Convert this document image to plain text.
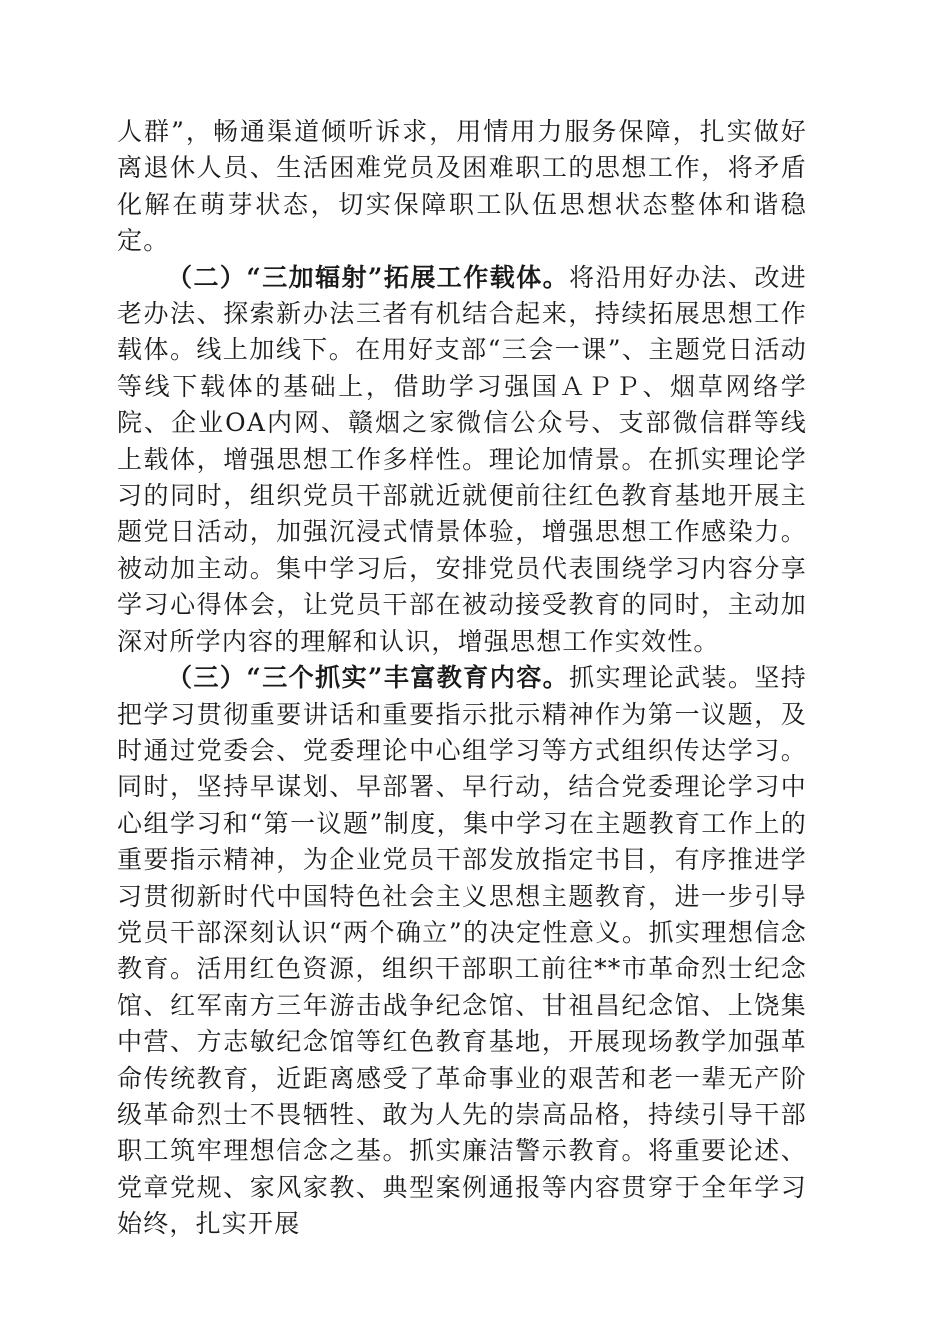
人群”，畅通渠道倾听诉求，用情用力服务保障，扎实做好离退休人员、生活困难党员及困难职工的思想工作，将矛盾化解在萌芽状态，切实保障职工队伍思想状态整体和谐稳定。

（二）“三加辐射”拓展工作载体。将沿用好办法、改进老办法、探索新办法三者有机结合起来，持续拓展思想工作载体。线上加线下。在用好支部“三会一课”、主题党日活动等线下载体的基础上，借助学习强国ＡＰＰ、烟草网络学院、企业OA内网、赣烟之家微信公众号、支部微信群等线上载体，增强思想工作多样性。理论加情景。在抓实理论学习的同时，组织党员干部就近就便前往红色教育基地开展主题党日活动，加强沉浸式情景体验，增强思想工作感染力。被动加主动。集中学习后，安排党员代表围绕学习内容分享学习心得体会，让党员干部在被动接受教育的同时，主动加深对所学内容的理解和认识，增强思想工作实效性。

（三）“三个抓实”丰富教育内容。抓实理论武装。坚持把学习贯彻重要讲话和重要指示批示精神作为第一议题，及时通过党委会、党委理论中心组学习等方式组织传达学习。同时，坚持早谋划、早部署、早行动，结合党委理论学习中心组学习和“第一议题”制度，集中学习在主题教育工作上的重要指示精神，为企业党员干部发放指定书目，有序推进学习贯彻新时代中国特色社会主义思想主题教育，进一步引导党员干部深刻认识“两个确立”的决定性意义。抓实理想信念教育。活用红色资源，组织干部职工前往**市革命烈士纪念馆、红军南方三年游击战争纪念馆、甘祖昌纪念馆、上饶集中营、方志敏纪念馆等红色教育基地，开展现场教学加强革命传统教育，近距离感受了革命事业的艰苦和老一辈无产阶级革命烈士不畏牺牲、敢为人先的崇高品格，持续引导干部职工筑牢理想信念之基。抓实廉洁警示教育。将重要论述、党章党规、家风家教、典型案例通报等内容贯穿于全年学习始终，扎实开展
